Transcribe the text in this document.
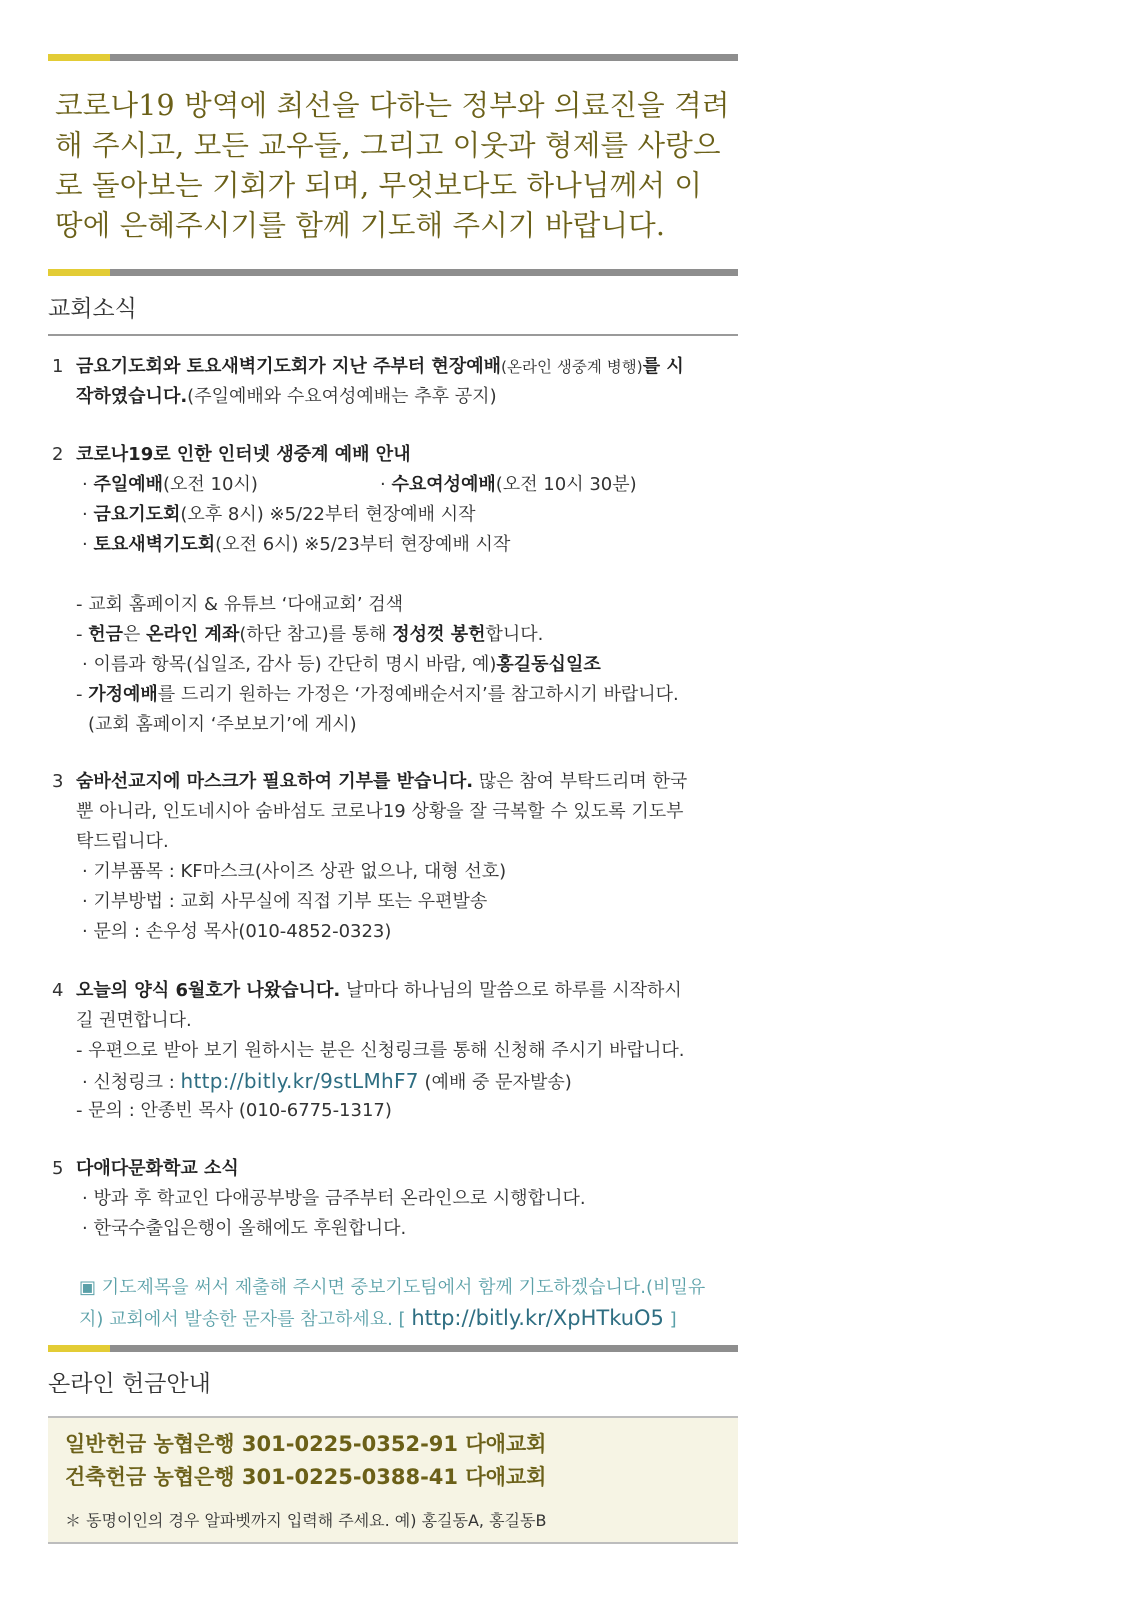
코로나19 방역에 최선을 다하는 정부와 의료진을 격려
해 주시고, 모든 교우들, 그리고 이웃과 형제를 사랑으
로 돌아보는 기회가 되며, 무엇보다도 하나님께서 이
땅에 은혜주시기를 함께 기도해 주시기 바랍니다.
교회소식
1 금요기도회와 토요새벽기도회가 지난 주부터 현장예배(온라인 생중계 병행)를 시
작하였습니다.(주일예배와 수요여성예배는 추후 공지)
2 코로나19로 인한 인터넷 생중계 예배 안내
· 주일예배(오전 10시)	· 수요여성예배(오전 10시 30분)
· 금요기도회(오후 8시) ※5/22부터 현장예배 시작
· 토요새벽기도회(오전 6시) ※5/23부터 현장예배 시작
- 교회 홈페이지 & 유튜브 ‘다애교회’ 검색
- 헌금은 온라인 계좌(하단 참고)를 통해 정성껏 봉헌합니다.
· 이름과 항목(십일조, 감사 등) 간단히 명시 바람, 예)홍길동십일조
- 가정예배를 드리기 원하는 가정은 ‘가정예배순서지’를 참고하시기 바랍니다.
(교회 홈페이지 ‘주보보기’에 게시)
3 숨바선교지에 마스크가 필요하여 기부를 받습니다. 많은 참여 부탁드리며 한국
뿐 아니라, 인도네시아 숨바섬도 코로나19 상황을 잘 극복할 수 있도록 기도부
탁드립니다.
· 기부품목 : KF마스크(사이즈 상관 없으나, 대형 선호)
· 기부방법 : 교회 사무실에 직접 기부 또는 우편발송
· 문의 : 손우성 목사(010-4852-0323)
4 오늘의 양식 6월호가 나왔습니다. 날마다 하나님의 말씀으로 하루를 시작하시
길 권면합니다.
- 우편으로 받아 보기 원하시는 분은 신청링크를 통해 신청해 주시기 바랍니다.
· 신청링크 : http://bitly.kr/9stLMhF7 (예배 중 문자발송)
- 문의 : 안종빈 목사 (010-6775-1317)
5 다애다문화학교 소식
· 방과 후 학교인 다애공부방을 금주부터 온라인으로 시행합니다.
· 한국수출입은행이 올해에도 후원합니다.
▣ 기도제목을 써서 제출해 주시면 중보기도팀에서 함께 기도하겠습니다.(비밀유
지) 교회에서 발송한 문자를 참고하세요. [ http://bitly.kr/XpHTkuO5 ]
온라인 헌금안내
일반헌금 농협은행 301-0225-0352-91 다애교회
건축헌금 농협은행 301-0225-0388-41 다애교회
＊ 동명이인의 경우 알파벳까지 입력해 주세요. 예) 홍길동A, 홍길동B
